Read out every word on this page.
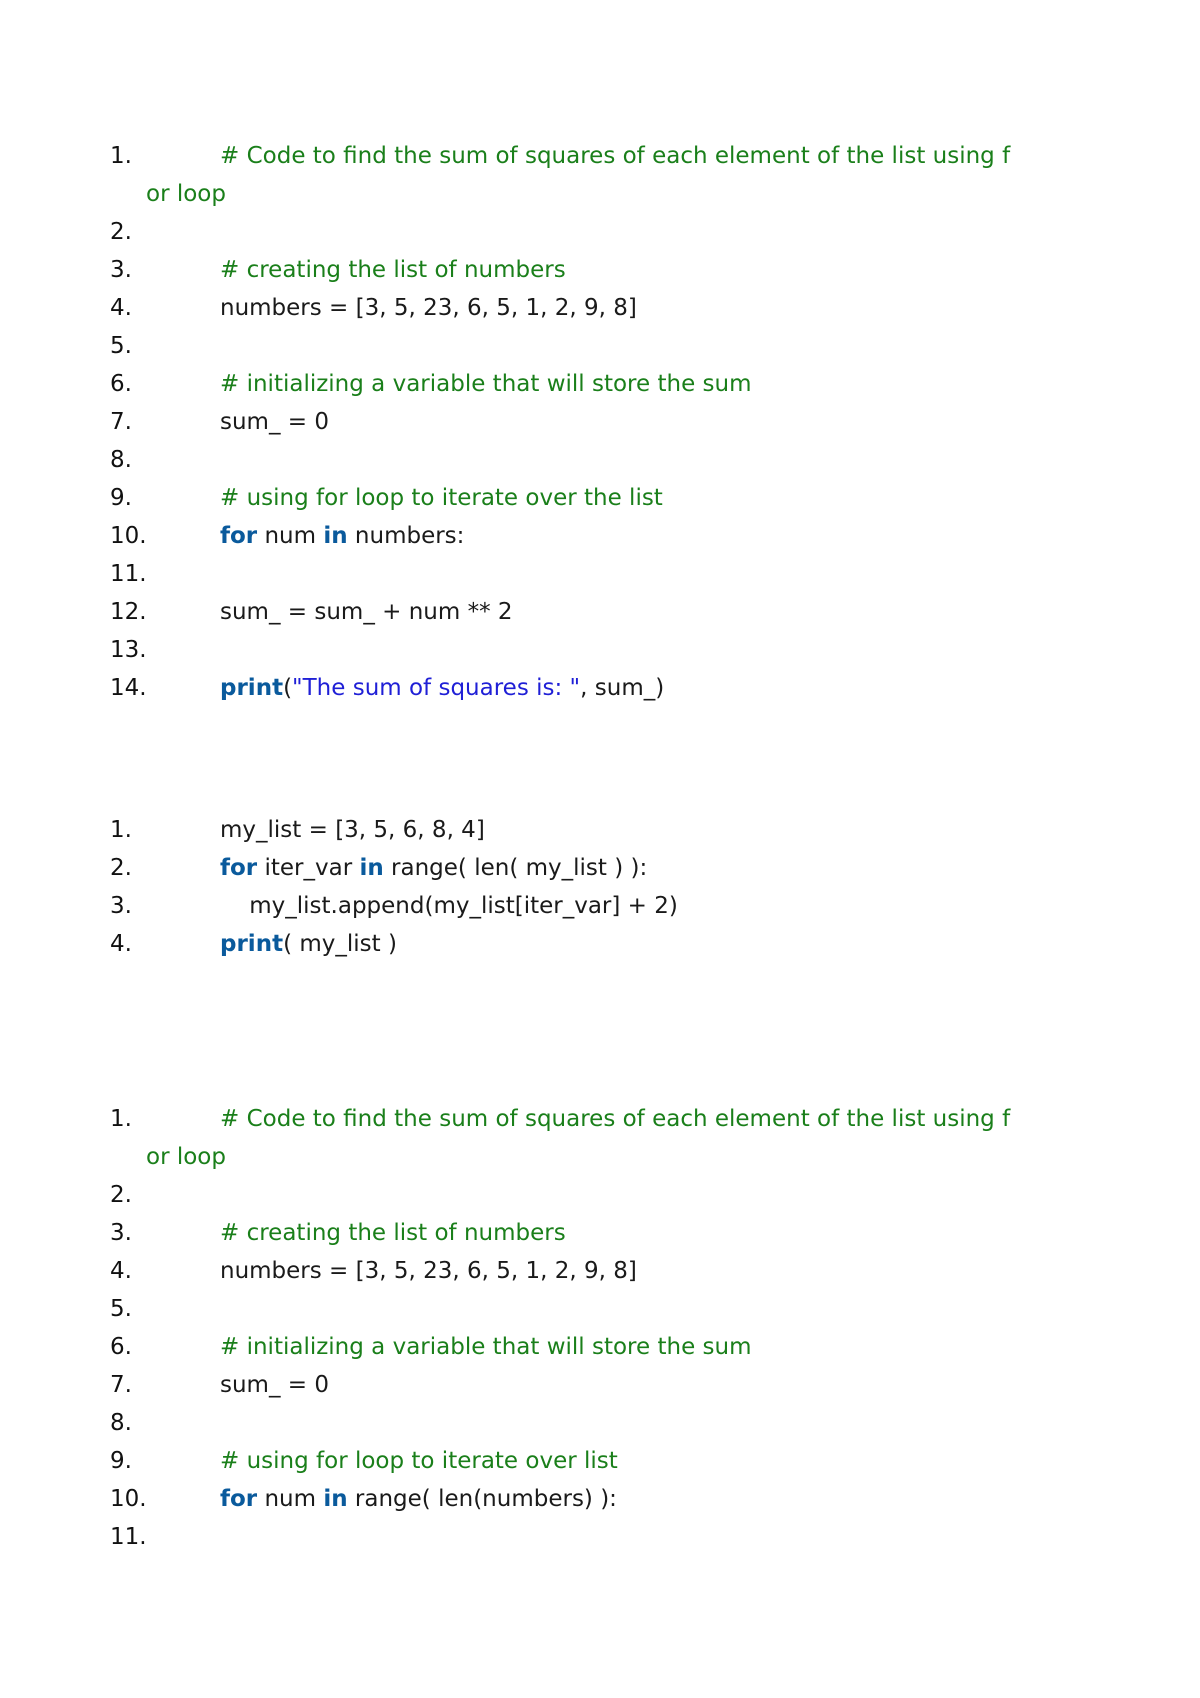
1.	# Code to find the sum of squares of each element of the list using f
or loop
2.
3.	# creating the list of numbers
4.	numbers = [3, 5, 23, 6, 5, 1, 2, 9, 8]
5.
6.	# initializing a variable that will store the sum
7.	sum_ = 0
8.
9.	# using for loop to iterate over the list
10.	for num in numbers:
11.
12.	sum_ = sum_ + num ** 2
13.
14.	print("The sum of squares is: ", sum_)
1.	my_list = [3, 5, 6, 8, 4]
2.	for iter_var in range( len( my_list ) ):
3.	my_list.append(my_list[iter_var] + 2)
4.	print( my_list )
1.	# Code to find the sum of squares of each element of the list using f
or loop
2.
3.	# creating the list of numbers
4.	numbers = [3, 5, 23, 6, 5, 1, 2, 9, 8]
5.
6.	# initializing a variable that will store the sum
7.	sum_ = 0
8.
9.	# using for loop to iterate over list
10.	for num in range( len(numbers) ):
11.
